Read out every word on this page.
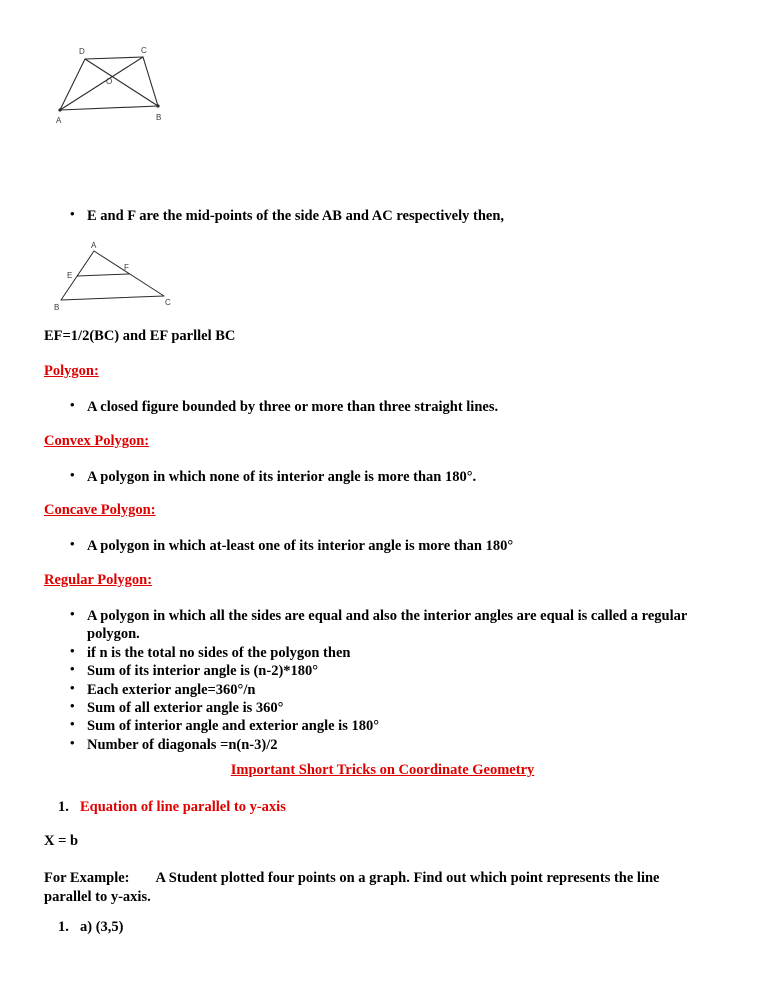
D	C
A	B
O
• E and F are the mid-points of the side AB and AC respectively then,
A
B
C
E
F
EF=1/2(BC) and EF parllel BC
Polygon:
• A closed figure bounded by three or more than three straight lines.
Convex Polygon:
• A polygon in which none of its interior angle is more than 180°.
Concave Polygon:
• A polygon in which at-least one of its interior angle is more than 180°
Regular Polygon:
• A polygon in which all the sides are equal and also the interior angles are equal is called a regular polygon.
• if n is the total no sides of the polygon then
• Sum of its interior angle is (n-2)*180°
• Each exterior angle=360°/n
• Sum of all exterior angle is 360°
• Sum of interior angle and exterior angle is 180°
• Number of diagonals =n(n-3)/2
Important Short Tricks on Coordinate Geometry
1. Equation of line parallel to y-axis
X = b
For Example: A Student plotted four points on a graph. Find out which point represents the line parallel to y-axis.
1. a) (3,5)
